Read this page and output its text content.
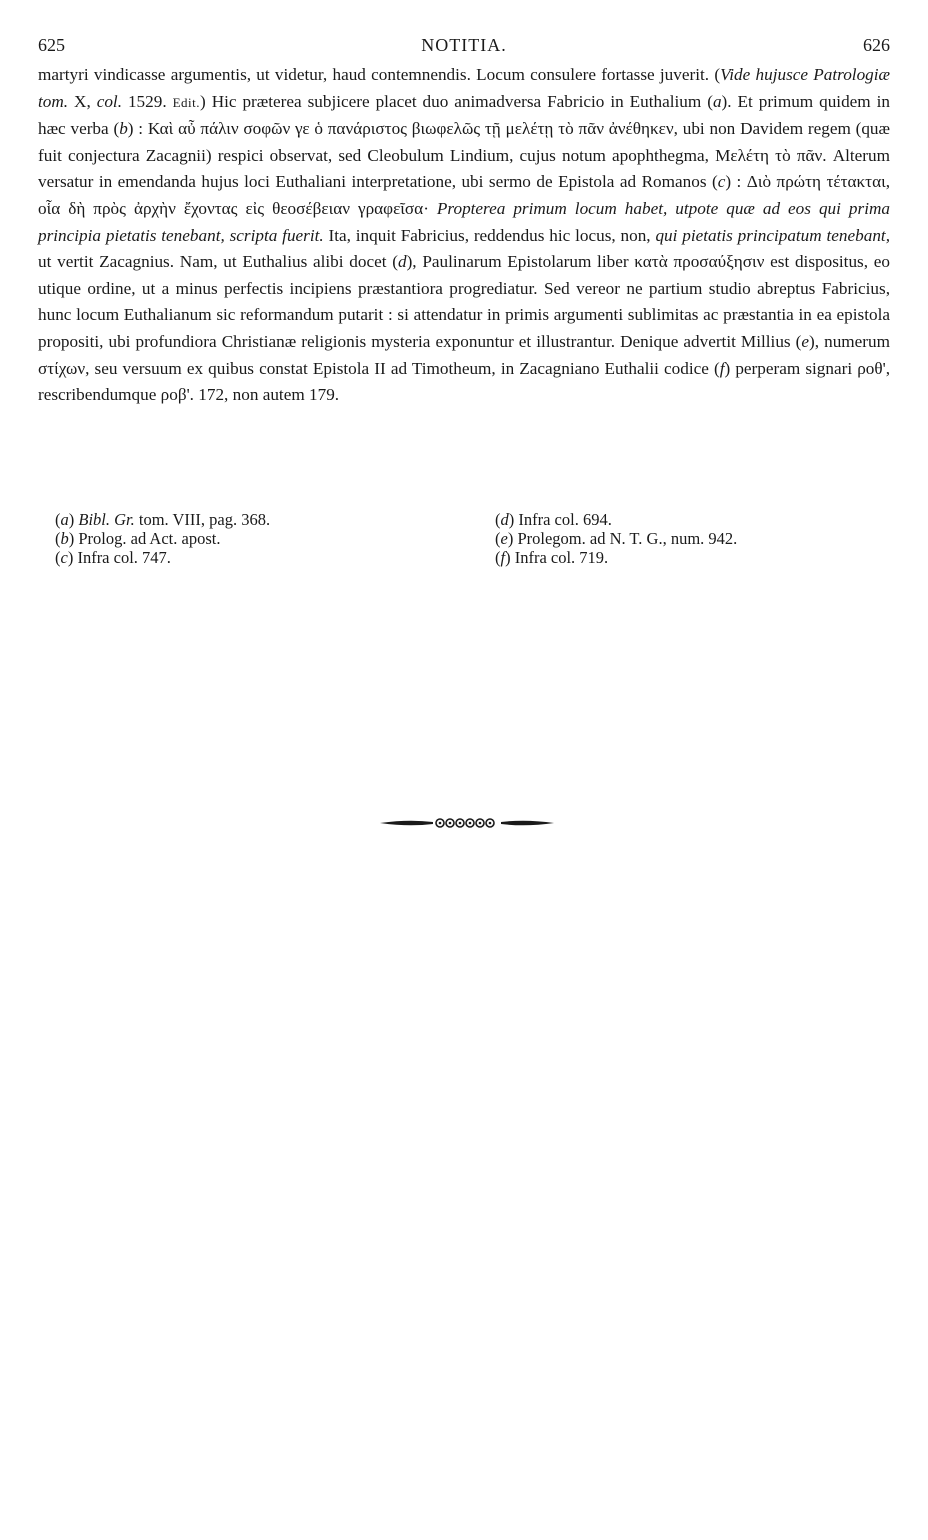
625	NOTITIA.	626
martyri vindicasse argumentis, ut videtur, haud contemnendis. Locum consulere fortasse juverit. (Vide hujusce Patrologiæ tom. X, col. 1529. Edit.) Hic præterea subjicere placet duo animadversa Fabricio in Euthalium (a). Et primum quidem in hæc verba (b) : Καὶ αὖ πάλιν σοφῶν γε ὁ πανάριστος βιωφελῶς τῇ μελέτῃ τὸ πᾶν ἀνέθηκεν, ubi non Davidem regem (quæ fuit conjectura Zacagnii) respici observat, sed Cleobulum Lindium, cujus notum apophthegma, Μελέτη τὸ πᾶν. Alterum versatur in emendanda hujus loci Euthaliani interpretatione, ubi sermo de Epistola ad Romanos (c) : Διὸ πρώτη τέτακται, οἷα δὴ πρὸς ἀρχὴν ἔχοντας εἰς θεοσέβειαν γραφεῖσα· Propterea primum locum habet, utpote quæ ad eos qui prima principia pietatis tenebant, scripta fuerit. Ita, inquit Fabricius, reddendus hic locus, non, qui pietatis principatum tenebant, ut vertit Zacagnius. Nam, ut Euthalius alibi docet (d), Paulinarum Epistolarum liber κατὰ προσαύξησιν est dispositus, eo utique ordine, ut a minus perfectis incipiens præstantiora progrediatur. Sed vereor ne partium studio abreptus Fabricius, hunc locum Euthalianum sic reformandum putarit : si attendatur in primis argumenti sublimitas ac præstantia in ea epistola propositi, ubi profundiora Christianæ religionis mysteria exponuntur et illustrantur. Denique advertit Millius (e), numerum στίχων, seu versuum ex quibus constat Epistola II ad Timotheum, in Zacagniano Euthalii codice (f) perperam signari ροθ', rescribendumque ροβ'. 172, non autem 179.
(a) Bibl. Gr. tom. VIII, pag. 368.
(b) Prolog. ad Act. apost.
(c) Infra col. 747.
(d) Infra col. 694.
(e) Prolegom. ad N. T. G., num. 942.
(f) Infra col. 719.
